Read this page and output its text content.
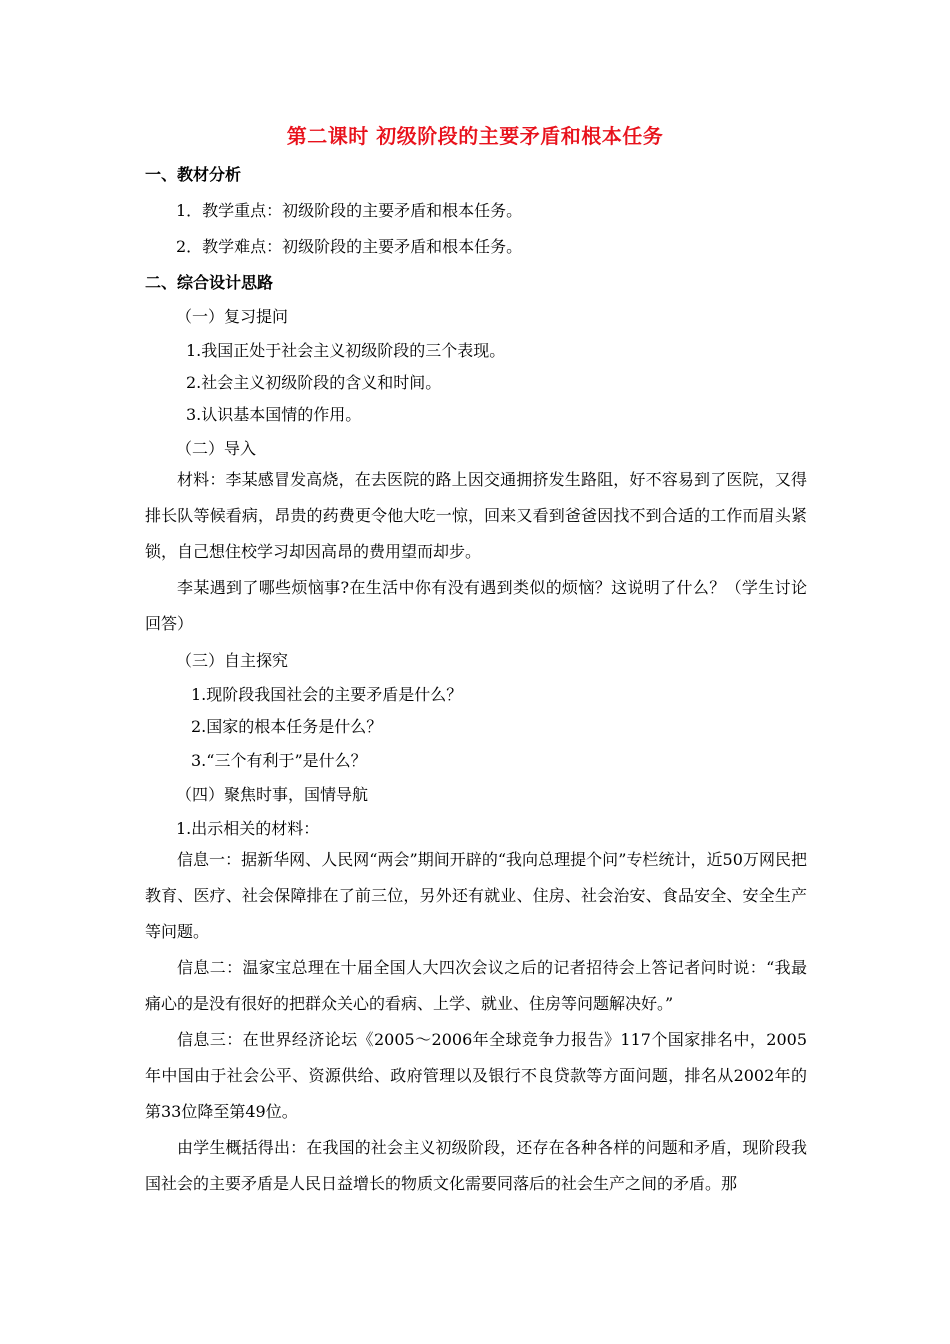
第二课时 初级阶段的主要矛盾和根本任务
一、教材分析
1．教学重点：初级阶段的主要矛盾和根本任务。
2．教学难点：初级阶段的主要矛盾和根本任务。
二、综合设计思路
（一）复习提问
1.我国正处于社会主义初级阶段的三个表现。
2.社会主义初级阶段的含义和时间。
3.认识基本国情的作用。
（二）导入
材料：李某感冒发高烧，在去医院的路上因交通拥挤发生路阻，好不容易到了医院，又得排长队等候看病，昂贵的药费更令他大吃一惊，回来又看到爸爸因找不到合适的工作而眉头紧锁，自己想住校学习却因高昂的费用望而却步。
李某遇到了哪些烦恼事?在生活中你有没有遇到类似的烦恼？这说明了什么？（学生讨论回答）
（三）自主探究
1.现阶段我国社会的主要矛盾是什么？
2.国家的根本任务是什么？
3.“三个有利于”是什么？
（四）聚焦时事，国情导航
1.出示相关的材料：
信息一：据新华网、人民网“两会”期间开辟的“我向总理提个问”专栏统计，近50万网民把教育、医疗、社会保障排在了前三位，另外还有就业、住房、社会治安、食品安全、安全生产等问题。
信息二：温家宝总理在十届全国人大四次会议之后的记者招待会上答记者问时说：“我最痛心的是没有很好的把群众关心的看病、上学、就业、住房等问题解决好。”
信息三：在世界经济论坛《2005～2006年全球竞争力报告》117个国家排名中，2005年中国由于社会公平、资源供给、政府管理以及银行不良贷款等方面问题，排名从2002年的第33位降至第49位。
由学生概括得出：在我国的社会主义初级阶段，还存在各种各样的问题和矛盾，现阶段我国社会的主要矛盾是人民日益增长的物质文化需要同落后的社会生产之间的矛盾。那
